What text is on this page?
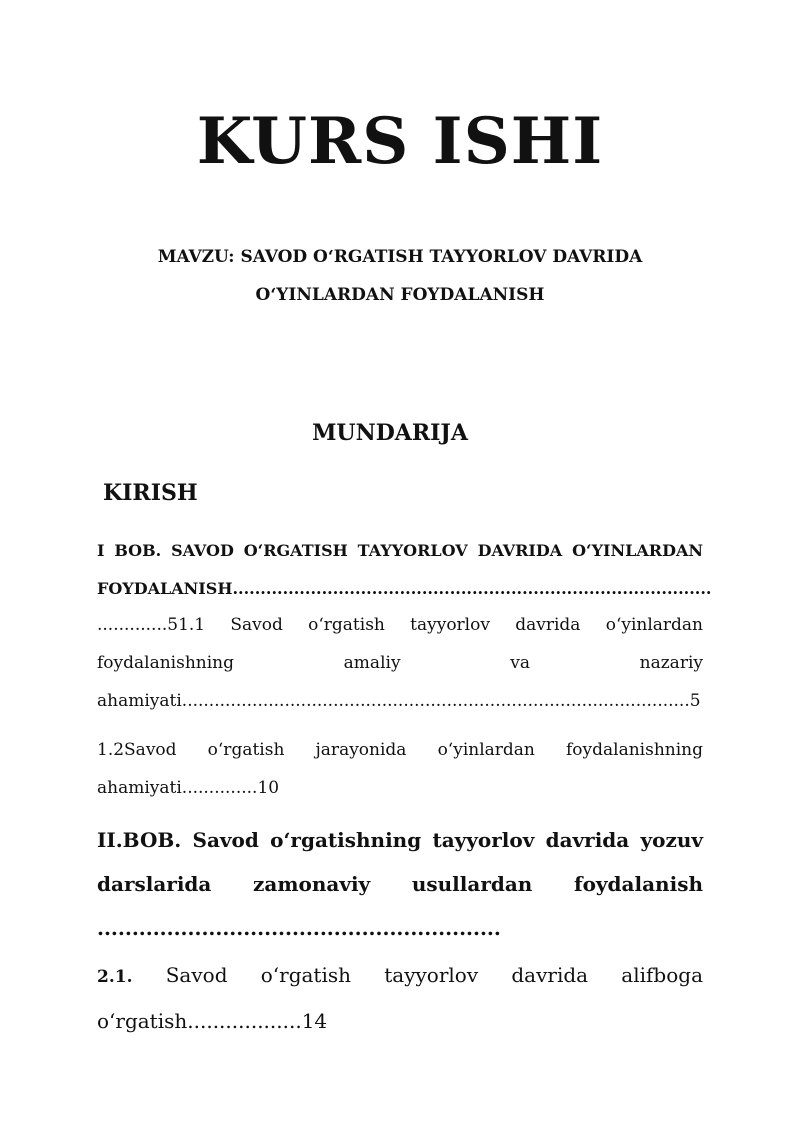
KURS ISHI
MAVZU: SAVOD O‘RGATISH TAYYORLOV DAVRIDA
O‘YINLARDAN FOYDALANISH
MUNDARIJA
KIRISH
I BOB. SAVOD O‘RGATISH TAYYORLOV DAVRIDA O‘YINLARDAN
FOYDALANISH......................................................................................
.............51.1 Savod o‘rgatish tayyorlov davrida o‘yinlardan
foydalanishning amaliy va nazariy
ahamiyati..............................................................................................5
1.2Savod o‘rgatish jarayonida o‘yinlardan foydalanishning
ahamiyati..............10
II.BOB. Savod o‘rgatishning tayyorlov davrida yozuv
darslarida zamonaviy usullardan foydalanish
..........................................................
2.1. Savod o‘rgatish tayyorlov davrida alifboga
o‘rgatish..................14
